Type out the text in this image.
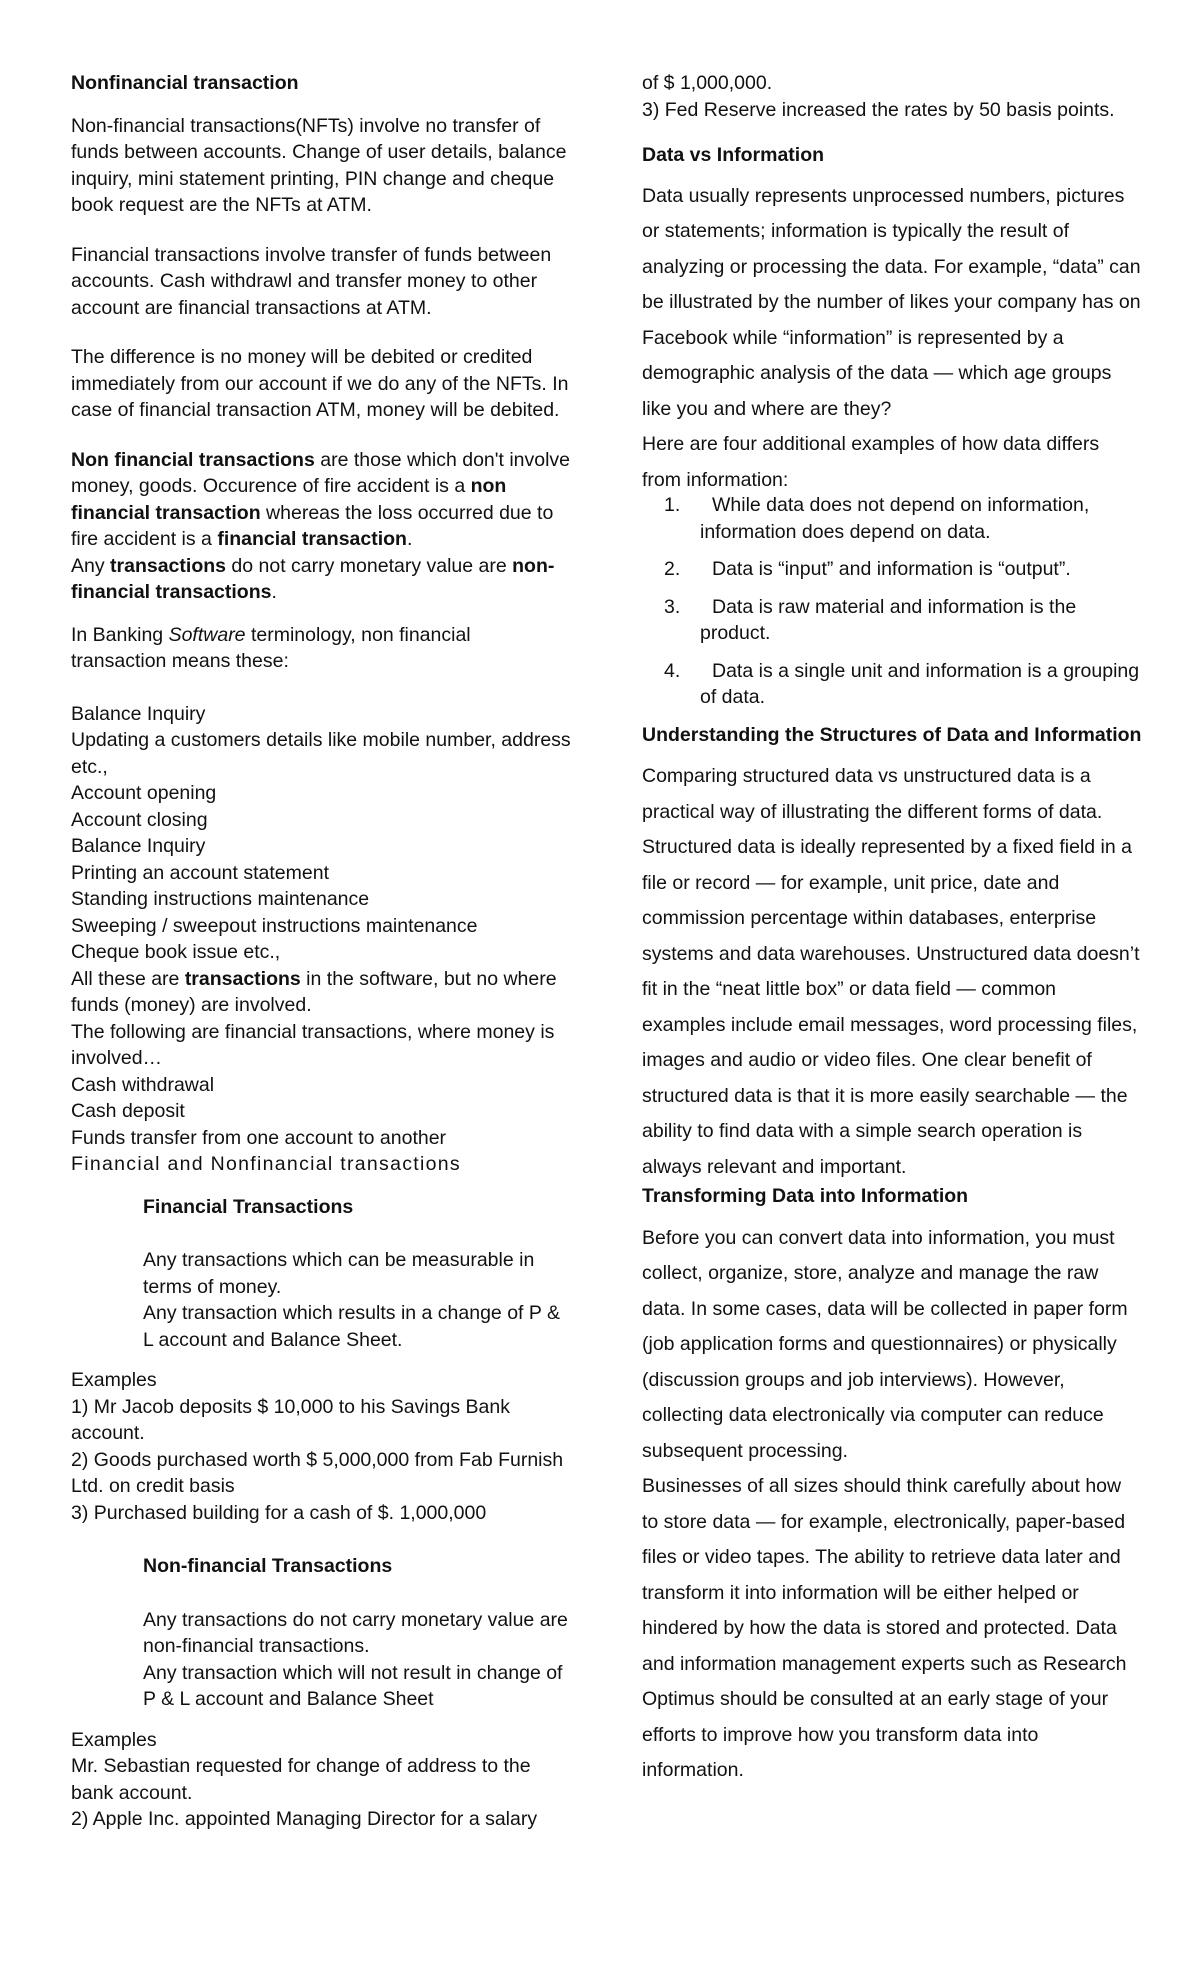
Nonfinancial transaction

Non-financial transactions(NFTs) involve no transfer of funds between accounts. Change of user details, balance inquiry, mini statement printing, PIN change and cheque book request are the NFTs at ATM.

Financial transactions involve transfer of funds between accounts. Cash withdrawl and transfer money to other account are financial transactions at ATM.

The difference is no money will be debited or credited immediately from our account if we do any of the NFTs. In case of financial transaction ATM, money will be debited.

Non financial transactions are those which don't involve money, goods. Occurence of fire accident is a non financial transaction whereas the loss occurred due to fire accident is a financial transaction.

Any transactions do not carry monetary value are non-financial transactions.

In Banking Software terminology, non financial transaction means these:

Balance Inquiry

Updating a customers details like mobile number, address etc.,

Account opening

Account closing

Balance Inquiry

Printing an account statement

Standing instructions maintenance

Sweeping / sweepout instructions maintenance

Cheque book issue etc.,

All these are transactions in the software, but no where funds (money) are involved.

The following are financial transactions, where money is involved…

Cash withdrawal

Cash deposit

Funds transfer from one account to another

Financial and Nonfinancial transactions

Financial Transactions

Any transactions which can be measurable in terms of money.

Any transaction which results in a change of P & L account and Balance Sheet.

Examples

1) Mr Jacob deposits $ 10,000 to his Savings Bank account.

2) Goods purchased worth $ 5,000,000 from Fab Furnish Ltd. on credit basis

3) Purchased building for a cash of $. 1,000,000

Non-financial Transactions

Any transactions do not carry monetary value are non-financial transactions.

Any transaction which will not result in change of P & L account and Balance Sheet

Examples

Mr. Sebastian requested for change of address to the bank account.

2) Apple Inc. appointed Managing Director for a salary

of $ 1,000,000.

3) Fed Reserve increased the rates by 50 basis points.

Data vs Information

Data usually represents unprocessed numbers, pictures or statements; information is typically the result of analyzing or processing the data. For example, “data” can be illustrated by the number of likes your company has on Facebook while “information” is represented by a demographic analysis of the data — which age groups like you and where are they?

Here are four additional examples of how data differs from information:

1. While data does not depend on information, information does depend on data.
2. Data is “input” and information is “output”.
3. Data is raw material and information is the product.
4. Data is a single unit and information is a grouping of data.

Understanding the Structures of Data and Information

Comparing structured data vs unstructured data is a practical way of illustrating the different forms of data. Structured data is ideally represented by a fixed field in a file or record — for example, unit price, date and commission percentage within databases, enterprise systems and data warehouses. Unstructured data doesn’t fit in the “neat little box” or data field — common examples include email messages, word processing files, images and audio or video files. One clear benefit of structured data is that it is more easily searchable — the ability to find data with a simple search operation is always relevant and important.

Transforming Data into Information

Before you can convert data into information, you must collect, organize, store, analyze and manage the raw data. In some cases, data will be collected in paper form (job application forms and questionnaires) or physically (discussion groups and job interviews). However, collecting data electronically via computer can reduce subsequent processing.

Businesses of all sizes should think carefully about how to store data — for example, electronically, paper-based files or video tapes. The ability to retrieve data later and transform it into information will be either helped or hindered by how the data is stored and protected. Data and information management experts such as Research Optimus should be consulted at an early stage of your efforts to improve how you transform data into information.
